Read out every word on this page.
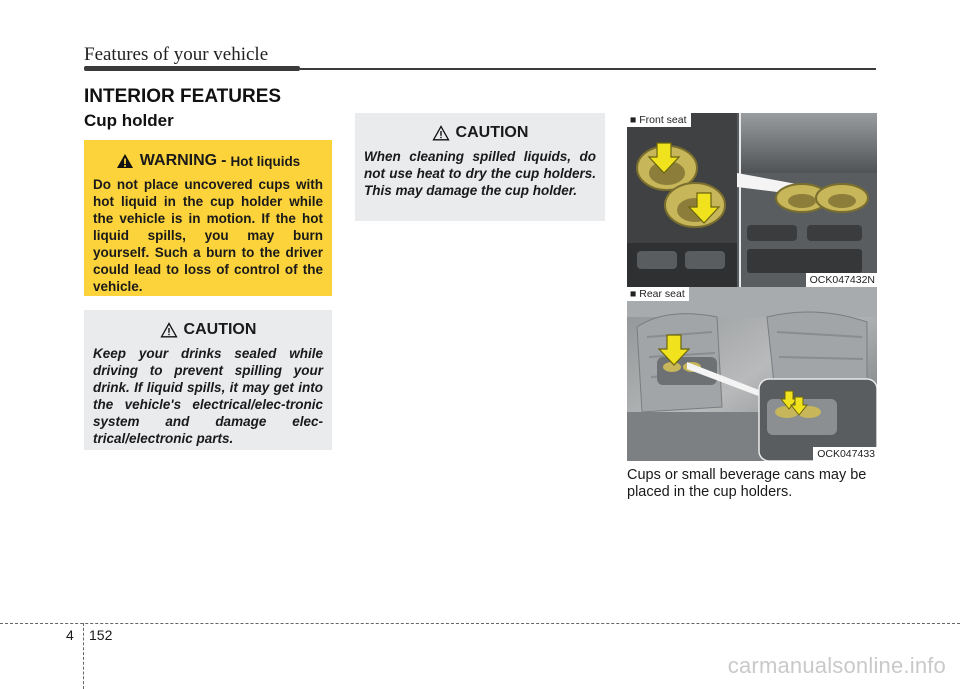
Features of your vehicle
INTERIOR FEATURES
Cup holder
WARNING - Hot liquids
Do not place uncovered cups with hot liquid in the cup holder while the vehicle is in motion. If the hot liquid spills, you may burn yourself. Such a burn to the driver could lead to loss of control of the vehicle.
CAUTION
Keep your drinks sealed while driving to prevent spilling your drink. If liquid spills, it may get into the vehicle's electrical/elec-tronic system and damage elec-trical/electronic parts.
CAUTION
When cleaning spilled liquids, do not use heat to dry the cup holders. This may damage the cup holder.
■ Front seat
OCK047432N
■ Rear seat
OCK047433
Cups or small beverage cans may be placed in the cup holders.
4 152
carmanualsonline.info
